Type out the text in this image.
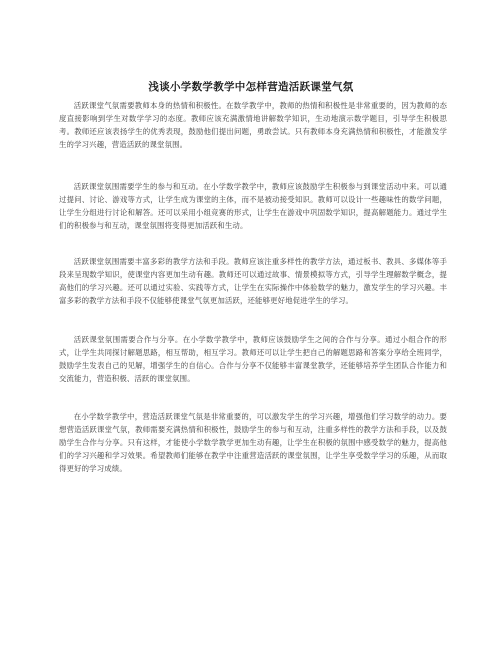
浅谈小学数学教学中怎样营造活跃课堂气氛

活跃课堂气氛需要教师本身的热情和积极性。在数学教学中，教师的热情和积极性是非常重要的，因为教师的态度直接影响到学生对数学学习的态度。教师应该充满激情地讲解数学知识，生动地演示数学题目，引导学生积极思考。教师还应该表扬学生的优秀表现，鼓励他们提出问题，勇敢尝试。只有教师本身充满热情和积极性，才能激发学生的学习兴趣，营造活跃的课堂氛围。

活跃课堂氛围需要学生的参与和互动。在小学数学教学中，教师应该鼓励学生积极参与到课堂活动中来。可以通过提问、讨论、游戏等方式，让学生成为课堂的主体，而不是被动接受知识。教师可以设计一些趣味性的数学问题，让学生分组进行讨论和解答。还可以采用小组竞赛的形式，让学生在游戏中巩固数学知识，提高解题能力。通过学生们的积极参与和互动，课堂氛围将变得更加活跃和生动。

活跃课堂氛围需要丰富多彩的教学方法和手段。教师应该注重多样性的教学方法，通过板书、教具、多媒体等手段来呈现数学知识，使课堂内容更加生动有趣。教师还可以通过故事、情景模拟等方式，引导学生理解数学概念，提高他们的学习兴趣。还可以通过实验、实践等方式，让学生在实际操作中体验数学的魅力，激发学生的学习兴趣。丰富多彩的教学方法和手段不仅能够使课堂气氛更加活跃，还能够更好地促进学生的学习。

活跃课堂氛围需要合作与分享。在小学数学教学中，教师应该鼓励学生之间的合作与分享。通过小组合作的形式，让学生共同探讨解题思路，相互帮助，相互学习。教师还可以让学生把自己的解题思路和答案分享给全班同学，鼓励学生发表自己的见解，增强学生的自信心。合作与分享不仅能够丰富课堂教学，还能够培养学生团队合作能力和交流能力，营造积极、活跃的课堂氛围。

在小学数学教学中，营造活跃课堂气氛是非常重要的，可以激发学生的学习兴趣，增强他们学习数学的动力。要想营造活跃课堂气氛，教师需要充满热情和积极性，鼓励学生的参与和互动，注重多样性的教学方法和手段，以及鼓励学生合作与分享。只有这样，才能使小学数学教学更加生动有趣，让学生在积极的氛围中感受数学的魅力，提高他们的学习兴趣和学习效果。希望教师们能够在教学中注重营造活跃的课堂氛围，让学生享受数学学习的乐趣，从而取得更好的学习成绩。
